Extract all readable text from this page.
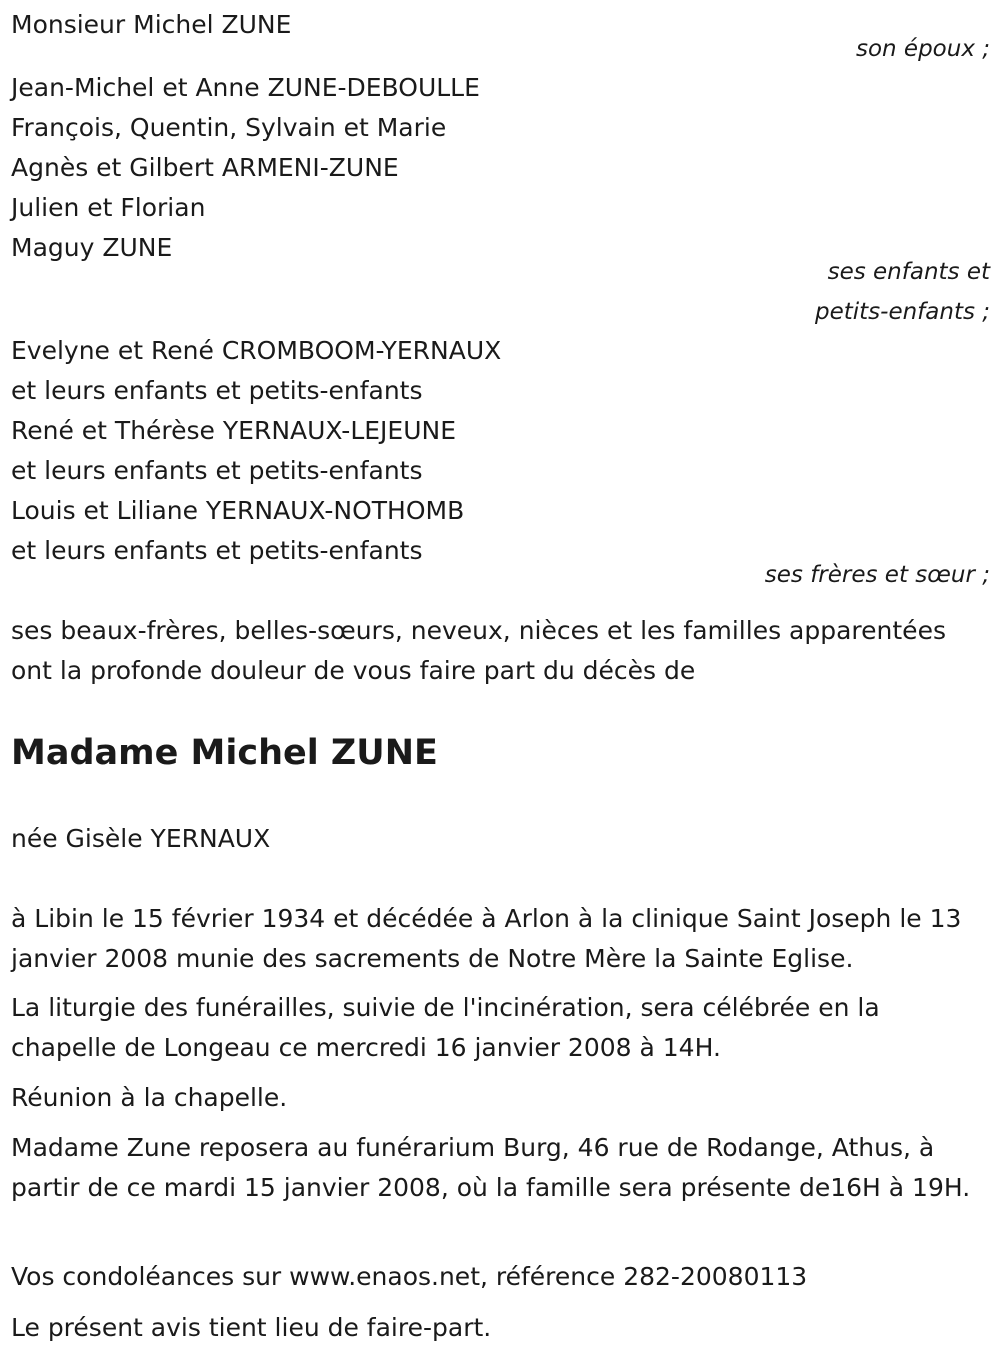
Monsieur Michel ZUNE
son époux ;
Jean-Michel et Anne ZUNE-DEBOULLE
François, Quentin, Sylvain et Marie
Agnès et Gilbert ARMENI-ZUNE
Julien et Florian
Maguy ZUNE
ses enfants et
petits-enfants ;
Evelyne et René CROMBOOM-YERNAUX
et leurs enfants et petits-enfants
René et Thérèse YERNAUX-LEJEUNE
et leurs enfants et petits-enfants
Louis et Liliane YERNAUX-NOTHOMB
et leurs enfants et petits-enfants
ses frères et sœur ;
ses beaux-frères, belles-sœurs, neveux, nièces et les familles apparentées
ont la profonde douleur de vous faire part du décès de
Madame Michel ZUNE
née Gisèle YERNAUX
à Libin le 15 février 1934 et décédée à Arlon à la clinique Saint Joseph le 13 janvier 2008 munie des sacrements de Notre Mère la Sainte Eglise.
La liturgie des funérailles, suivie de l'incinération, sera célébrée en la chapelle de Longeau ce mercredi 16 janvier 2008 à 14H.
Réunion à la chapelle.
Madame Zune reposera au funérarium Burg, 46 rue de Rodange, Athus, à partir de ce mardi 15 janvier 2008, où la famille sera présente de16H à 19H.
Vos condoléances sur www.enaos.net, référence 282-20080113
Le présent avis tient lieu de faire-part.
